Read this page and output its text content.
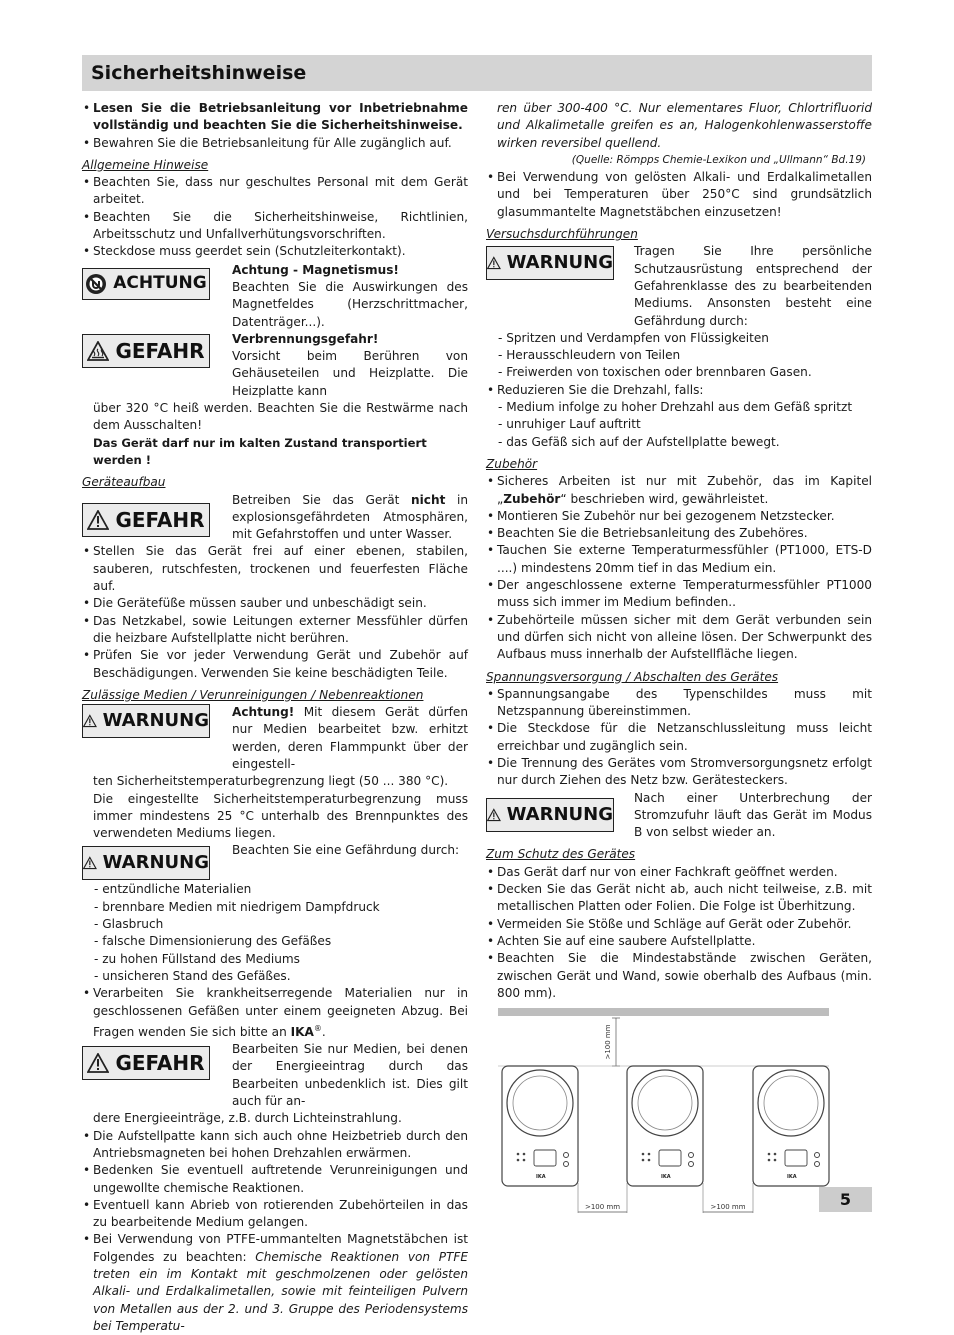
Sicherheitshinweise
• Lesen Sie die Betriebsanleitung vor Inbetriebnahme vollständig und beachten Sie die Sicherheitshinweise.
• Bewahren Sie die Betriebsanleitung für Alle zugänglich auf.

Allgemeine Hinweise

• Beachten Sie, dass nur geschultes Personal mit dem Gerät arbeitet.
• Beachten Sie die Sicherheitshinweise, Richtlinien, Arbeitsschutz und Unfallverhütungsvorschriften.
• Steckdose muss geerdet sein (Schutzleiterkontakt).
ACHTUNG

Achtung - Magnetismus!

Beachten Sie die Auswirkungen des Magnetfeldes (Herzschrittmacher, Datenträger...).

GEFAHR Verbrennungsgefahr!

Vorsicht beim Berühren von Gehäuseteilen und Heizplatte. Die Heizplatte kann

über 320 °C heiß werden. Beachten Sie die Restwärme nach dem Ausschalten!

Das Gerät darf nur im kalten Zustand transportiert werden !

Geräteaufbau

GEFAHR

Betreiben Sie das Gerät nicht in explosionsgefährdeten Atmosphären, mit Gefahrstoffen und unter Wasser.

• Stellen Sie das Gerät frei auf einer ebenen, stabilen, sauberen, rutschfesten, trockenen und feuerfesten Fläche auf.
• Die Gerätefüße müssen sauber und unbeschädigt sein.
• Das Netzkabel, sowie Leitungen externer Messfühler dürfen die heizbare Aufstellplatte nicht berühren.
• Prüfen Sie vor jeder Verwendung Gerät und Zubehör auf Beschädigungen. Verwenden Sie keine beschädigten Teile.

Zulässige Medien / Verunreinigungen / Nebenreaktionen

WARNUNG Achtung! Mit diesem Gerät dürfen nur Medien bearbeitet bzw. erhitzt werden, deren Flammpunkt über der eingestell-

ten Sicherheitstemperaturbegrenzung liegt (50 ... 380 °C).

Die eingestellte Sicherheitstemperaturbegrenzung muss immer mindestens 25 °C unterhalb des Brennpunktes des verwendeten Mediums liegen.

WARNUNG

Beachten Sie eine Gefährdung durch:

- entzündliche Materialien

- brennbare Medien mit niedrigem Dampfdruck

- Glasbruch

- falsche Dimensionierung des Gefäßes

- zu hohen Füllstand des Mediums

- unsicheren Stand des Gefäßes.

• Verarbeiten Sie krankheitserregende Materialien nur in geschlossenen Gefäßen unter einem geeigneten Abzug. Bei Fragen wenden Sie sich bitte an IKA®.
GEFAHR

Bearbeiten Sie nur Medien, bei denen der Energieeintrag durch das Bearbeiten unbedenklich ist. Dies gilt auch für an-

dere Energieeinträge, z.B. durch Lichteinstrahlung.

• Die Aufstellpatte kann sich auch ohne Heizbetrieb durch den Antriebsmagneten bei hohen Drehzahlen erwärmen.
• Bedenken Sie eventuell auftretende Verunreinigungen und ungewollte chemische Reaktionen.
• Eventuell kann Abrieb von rotierenden Zubehörteilen in das zu bearbeitende Medium gelangen.
• Bei Verwendung von PTFE-ummantelten Magnetstäbchen ist Folgendes zu beachten: Chemische Reaktionen von PTFE treten ein im Kontakt mit geschmolzenen oder gelösten Alkali- und Erdalkalimetallen, sowie mit feinteiligen Pulvern von Metallen aus der 2. und 3. Gruppe des Periodensystems bei Temperatu-

ren über 300-400 °C. Nur elementares Fluor, Chlortrifluorid und Alkalimetalle greifen es an, Halogenkohlenwasserstoffe wirken reversibel quellend.

(Quelle: Römpps Chemie-Lexikon und „Ullmann“ Bd.19)

• Bei Verwendung von gelösten Alkali- und Erdalkalimetallen und bei Temperaturen über 250°C sind grundsätzlich glasummantelte Magnetstäbchen einzusetzen!

Versuchsdurchführungen

WARNUNG

Tragen Sie Ihre persönliche Schutzausrüstung entsprechend der Gefahrenklasse des zu bearbeitenden Mediums. Ansonsten besteht eine Gefährdung durch:

- Spritzen und Verdampfen von Flüssigkeiten

- Herausschleudern von Teilen

- Freiwerden von toxischen oder brennbaren Gasen.

• Reduzieren Sie die Drehzahl, falls:

- Medium infolge zu hoher Drehzahl aus dem Gefäß spritzt

- unruhiger Lauf auftritt

- das Gefäß sich auf der Aufstellplatte bewegt.

Zubehör

• Sicheres Arbeiten ist nur mit Zubehör, das im Kapitel „Zubehör“ beschrieben wird, gewährleistet.
• Montieren Sie Zubehör nur bei gezogenem Netzstecker.
• Beachten Sie die Betriebsanleitung des Zubehöres.
• Tauchen Sie externe Temperaturmessfühler (PT1000, ETS-D ....) mindestens 20mm tief in das Medium ein.
• Der angeschlossene externe Temperaturmessfühler PT1000 muss sich immer im Medium befinden..
• Zubehörteile müssen sicher mit dem Gerät verbunden sein und dürfen sich nicht von alleine lösen. Der Schwerpunkt des Aufbaus muss innerhalb der Aufstellfläche liegen.

Spannungsversorgung / Abschalten des Gerätes

• Spannungsangabe des Typenschildes muss mit Netzspannung übereinstimmen.
• Die Steckdose für die Netzanschlussleitung muss leicht erreichbar und zugänglich sein.
• Die Trennung des Gerätes vom Stromversorgungsnetz erfolgt nur durch Ziehen des Netz bzw. Gerätesteckers.
WARNUNG

Nach einer Unterbrechung der Stromzufuhr läuft das Gerät im Modus B von selbst wieder an.

Zum Schutz des Gerätes

• Das Gerät darf nur von einer Fachkraft geöffnet werden.
• Decken Sie das Gerät nicht ab, auch nicht teilweise, z.B. mit metallischen Platten oder Folien. Die Folge ist Überhitzung.
• Vermeiden Sie Stöße und Schläge auf Gerät oder Zubehör.
• Achten Sie auf eine saubere Aufstellplatte.
• Beachten Sie die Mindestabstände zwischen Geräten, zwischen Gerät und Wand, sowie oberhalb des Aufbaus (min. 800 mm).
>100 mm
IKA	IKA	IKA
>100 mm	>100 mm	5
